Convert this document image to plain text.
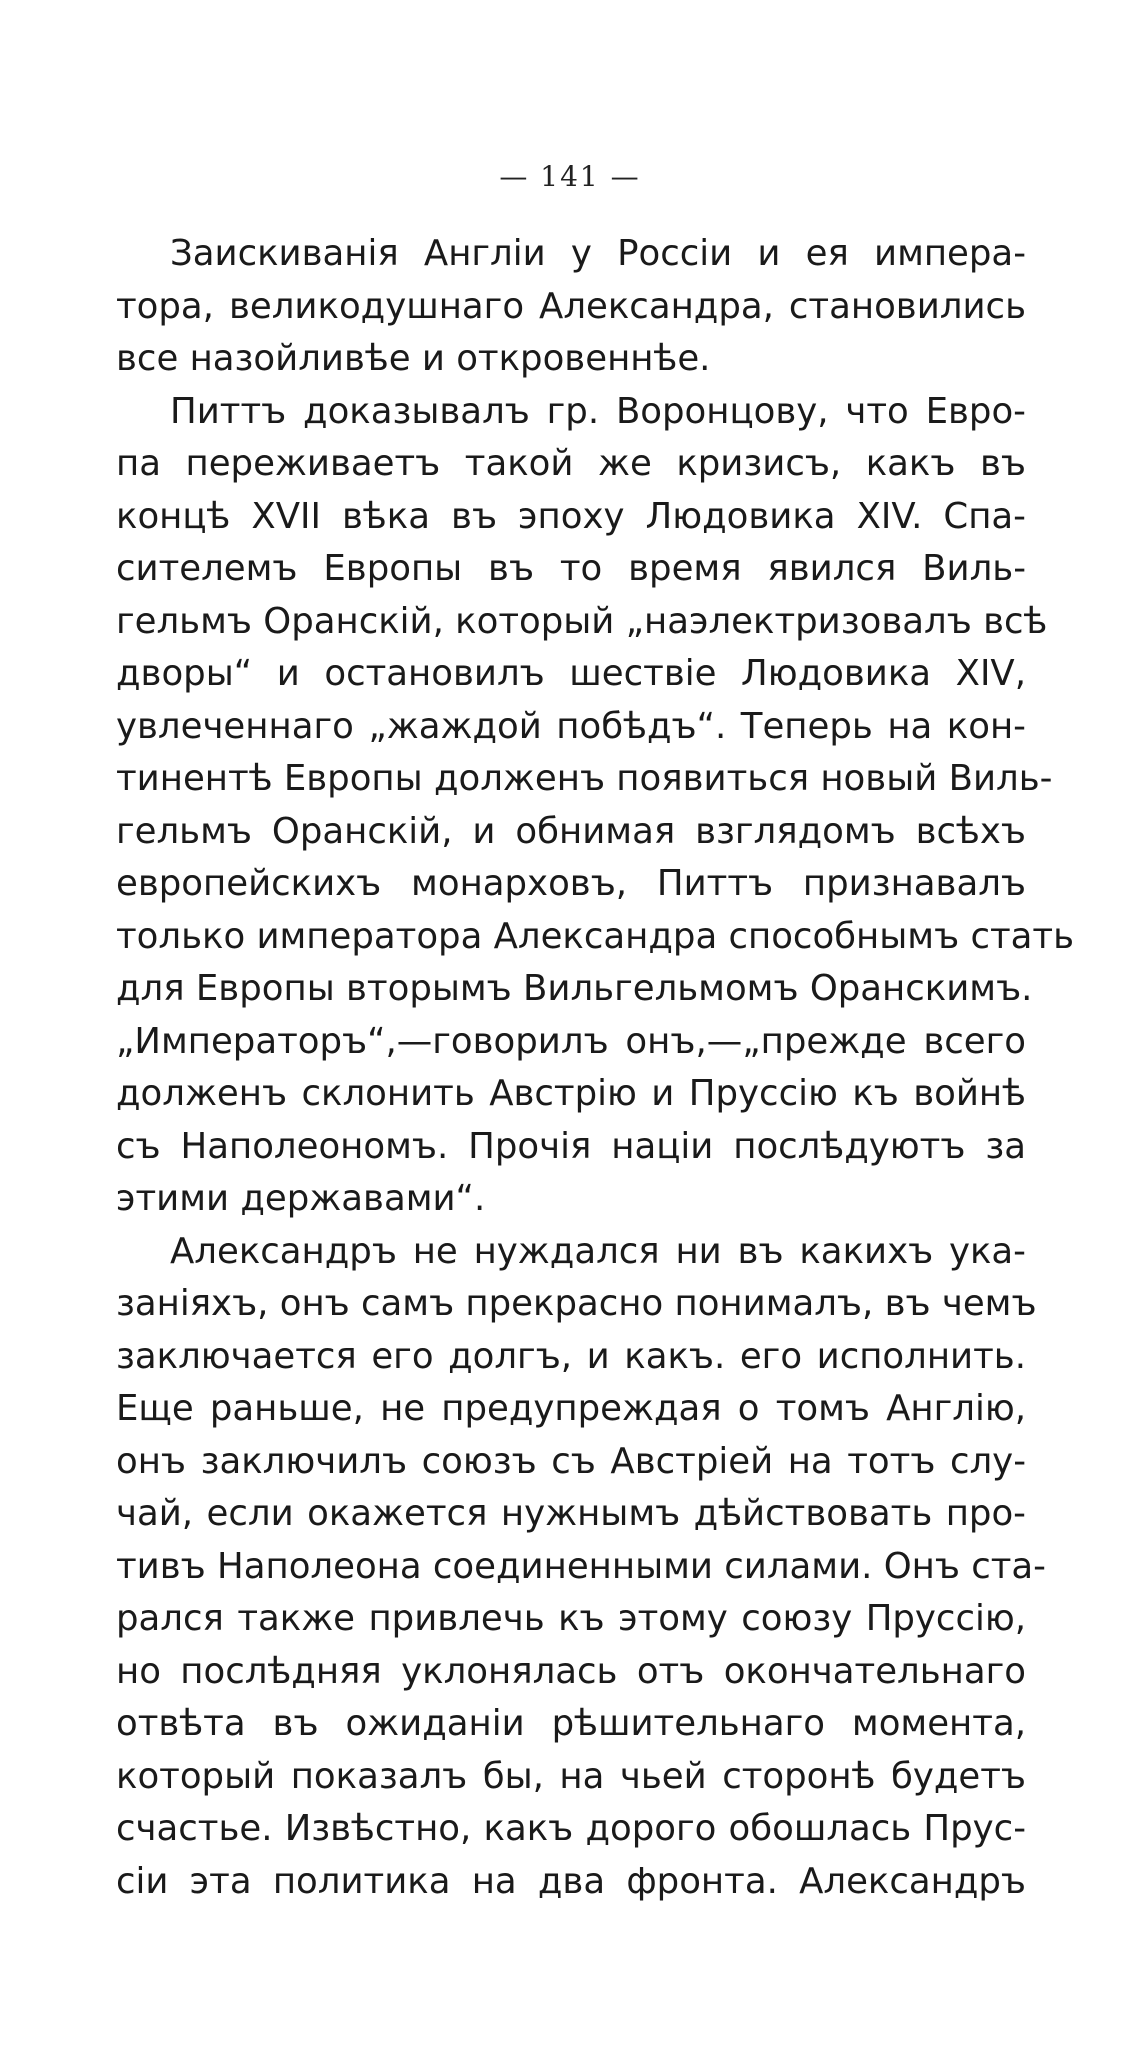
— 141 —

Заискиванія Англіи у Россіи и ея импера-
тора, великодушнаго Александра, становились
все назойливѣе и откровеннѣе.

Питтъ доказывалъ гр. Воронцову, что Евро-
па переживаетъ такой же кризисъ, какъ въ
концѣ XVII вѣка въ эпоху Людовика XIV. Спа-
сителемъ Европы въ то время явился Виль-
гельмъ Оранскій, который „наэлектризовалъ всѣ
дворы“ и остановилъ шествіе Людовика XIV,
увлеченнаго „жаждой побѣдъ“. Теперь на кон-
тинентѣ Европы долженъ появиться новый Виль-
гельмъ Оранскій, и обнимая взглядомъ всѣхъ
европейскихъ монарховъ, Питтъ признавалъ
только императора Александра способнымъ стать
для Европы вторымъ Вильгельмомъ Оранскимъ.
„Императоръ“,—говорилъ онъ,—„прежде всего
долженъ склонить Австрію и Пруссію къ войнѣ
съ Наполеономъ. Прочія націи послѣдуютъ за
этими державами“.

Александръ не нуждался ни въ какихъ ука-
заніяхъ, онъ самъ прекрасно понималъ, въ чемъ
заключается его долгъ, и какъ. его исполнить.
Еще раньше, не предупреждая о томъ Англію,
онъ заключилъ союзъ съ Австріей на тотъ слу-
чай, если окажется нужнымъ дѣйствовать про-
тивъ Наполеона соединенными силами. Онъ ста-
рался также привлечь къ этому союзу Пруссію,
но послѣдняя уклонялась отъ окончательнаго
отвѣта въ ожиданіи рѣшительнаго момента,
который показалъ бы, на чьей сторонѣ будетъ
счастье. Извѣстно, какъ дорого обошлась Прус-
сіи эта политика на два фронта. Александръ
